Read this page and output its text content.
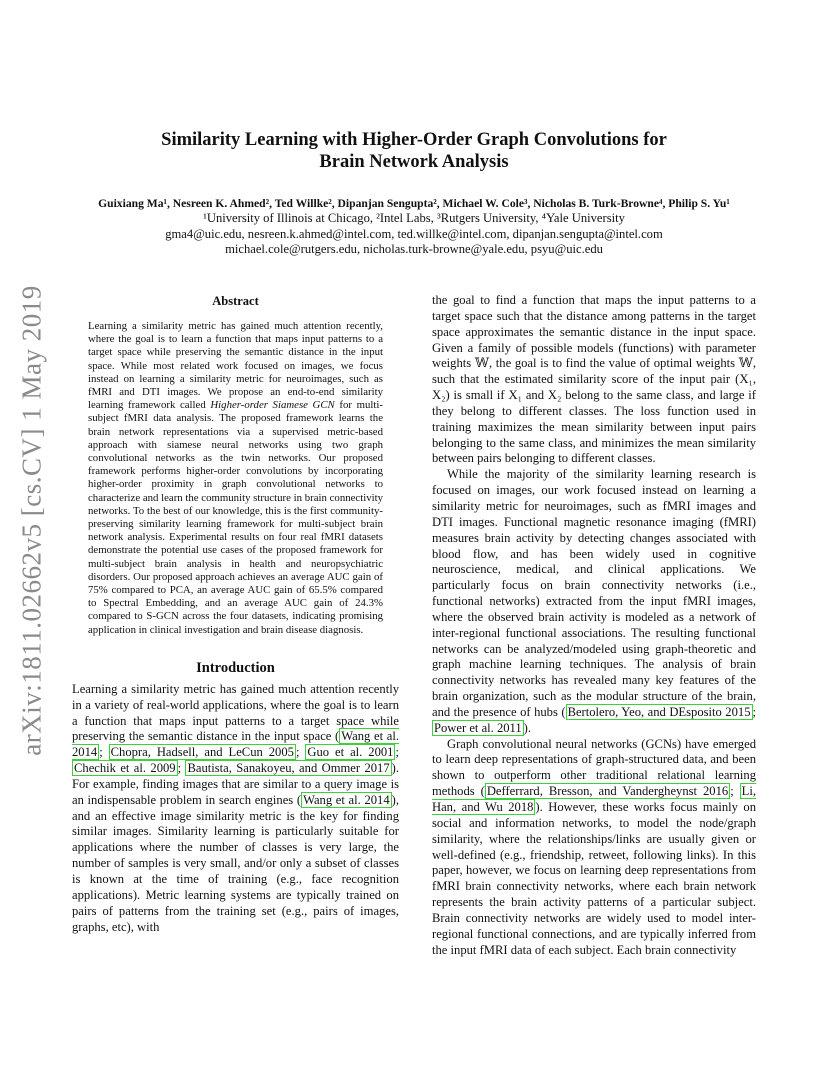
arXiv:1811.02662v5 [cs.CV] 1 May 2019
Similarity Learning with Higher-Order Graph Convolutions for
Brain Network Analysis
Guixiang Ma¹, Nesreen K. Ahmed², Ted Willke², Dipanjan Sengupta², Michael W. Cole³, Nicholas B. Turk-Browne⁴, Philip S. Yu¹
¹University of Illinois at Chicago, ²Intel Labs, ³Rutgers University, ⁴Yale University
gma4@uic.edu, nesreen.k.ahmed@intel.com, ted.willke@intel.com, dipanjan.sengupta@intel.com
michael.cole@rutgers.edu, nicholas.turk-browne@yale.edu, psyu@uic.edu
Abstract
Learning a similarity metric has gained much attention recently, where the goal is to learn a function that maps input patterns to a target space while preserving the semantic distance in the input space. While most related work focused on images, we focus instead on learning a similarity metric for neuroimages, such as fMRI and DTI images. We propose an end-to-end similarity learning framework called Higher-order Siamese GCN for multi-subject fMRI data analysis. The proposed framework learns the brain network representations via a supervised metric-based approach with siamese neural networks using two graph convolutional networks as the twin networks. Our proposed framework performs higher-order convolutions by incorporating higher-order proximity in graph convolutional networks to characterize and learn the community structure in brain connectivity networks. To the best of our knowledge, this is the first community-preserving similarity learning framework for multi-subject brain network analysis. Experimental results on four real fMRI datasets demonstrate the potential use cases of the proposed framework for multi-subject brain analysis in health and neuropsychiatric disorders. Our proposed approach achieves an average AUC gain of 75% compared to PCA, an average AUC gain of 65.5% compared to Spectral Embedding, and an average AUC gain of 24.3% compared to S-GCN across the four datasets, indicating promising application in clinical investigation and brain disease diagnosis.
Introduction

Learning a similarity metric has gained much attention recently in a variety of real-world applications, where the goal is to learn a function that maps input patterns to a target space while preserving the semantic distance in the input space ( Wang et al. 2014 ; Chopra, Hadsell, and LeCun 2005 ; Guo et al. 2001 ; Chechik et al. 2009 ; Bautista, Sanakoyeu, and Ommer 2017 ). For example, finding images that are similar to a query image is an indispensable problem in search engines ( Wang et al. 2014 ), and an effective image similarity metric is the key for finding similar images. Similarity learning is particularly suitable for applications where the number of classes is very large, the number of samples is very small, and/or only a subset of classes is known at the time of training (e.g., face recognition applications). Metric learning systems are typically trained on pairs of patterns from the training set (e.g., pairs of images, graphs, etc), with

the goal to find a function that maps the input patterns to a target space such that the distance among patterns in the target space approximates the semantic distance in the input space. Given a family of possible models (functions) with parameter weights 𝕎, the goal is to find the value of optimal weights 𝕎, such that the estimated similarity score of the input pair (X₁, X₂) is small if X₁ and X₂ belong to the same class, and large if they belong to different classes. The loss function used in training maximizes the mean similarity between input pairs belonging to the same class, and minimizes the mean similarity between pairs belonging to different classes.

While the majority of the similarity learning research is focused on images, our work focused instead on learning a similarity metric for neuroimages, such as fMRI images and DTI images. Functional magnetic resonance imaging (fMRI) measures brain activity by detecting changes associated with blood flow, and has been widely used in cognitive neuroscience, medical, and clinical applications. We particularly focus on brain connectivity networks (i.e., functional networks) extracted from the input fMRI images, where the observed brain activity is modeled as a network of inter-regional functional associations. The resulting functional networks can be analyzed/modeled using graph-theoretic and graph machine learning techniques. The analysis of brain connectivity networks has revealed many key features of the brain organization, such as the modular structure of the brain, and the presence of hubs ( Bertolero, Yeo, and DEsposito 2015 ; Power et al. 2011 ).

Graph convolutional neural networks (GCNs) have emerged to learn deep representations of graph-structured data, and been shown to outperform other traditional relational learning methods ( Defferrard, Bresson, and Vandergheynst 2016 ; Li, Han, and Wu 2018 ). However, these works focus mainly on social and information networks, to model the node/graph similarity, where the relationships/links are usually given or well-defined (e.g., friendship, retweet, following links). In this paper, however, we focus on learning deep representations from fMRI brain connectivity networks, where each brain network represents the brain activity patterns of a particular subject. Brain connectivity networks are widely used to model inter-regional functional connections, and are typically inferred from the input fMRI data of each subject. Each brain connectivity
